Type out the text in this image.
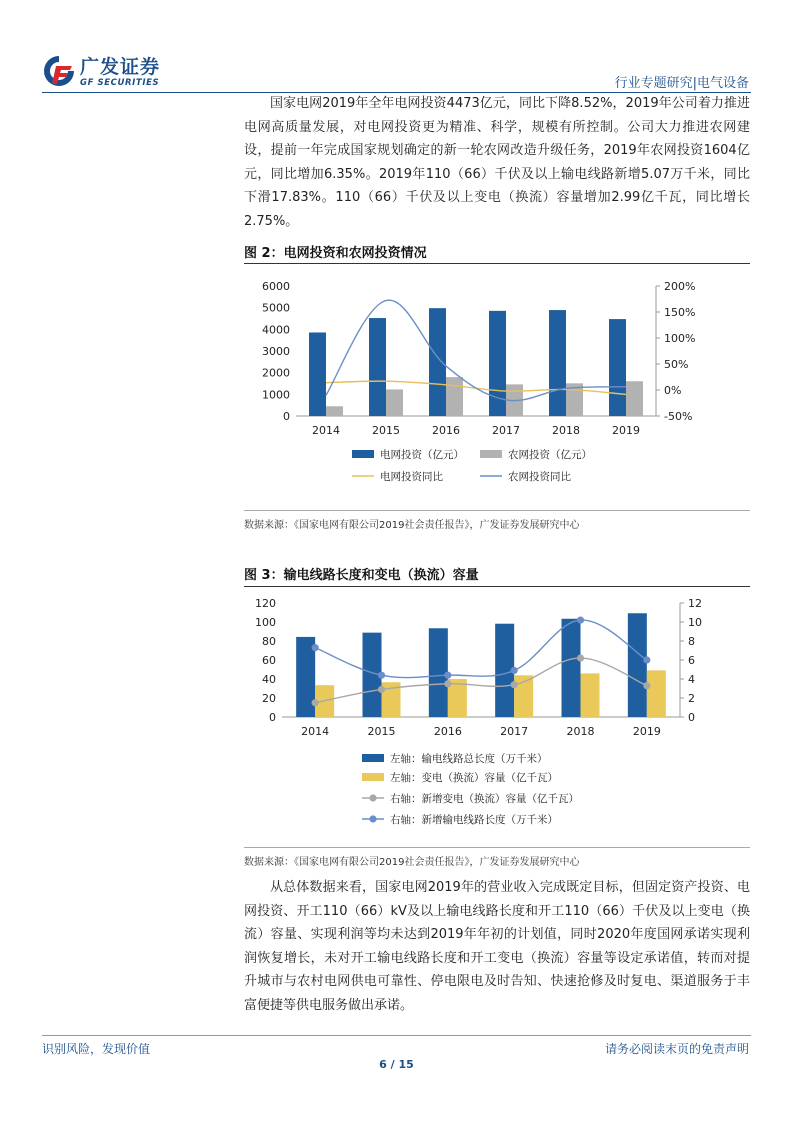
广发证券
GF SECURITIES	行业专题研究|电气设备

国家电网2019年全年电网投资4473亿元，同比下降8.52%，2019年公司着力推进电网高质量发展，对电网投资更为精准、科学，规模有所控制。公司大力推进农网建设，提前一年完成国家规划确定的新一轮农网改造升级任务，2019年农网投资1604亿元，同比增加6.35%。2019年110（66）千伏及以上输电线路新增5.07万千米，同比下滑17.83%。110（66）千伏及以上变电（换流）容量增加2.99亿千瓦，同比增长2.75%。

图 2：电网投资和农网投资情况
0
1000
2000
3000
4000
5000
6000
-50%
0%
50%
100%
150%
200%
2014	2015	2016	2017	2018	2019
电网投资（亿元）	农网投资（亿元）
电网投资同比	农网投资同比
数据来源：《国家电网有限公司2019社会责任报告》，广发证券发展研究中心
图 3：输电线路长度和变电（换流）容量
0
20
40
60
80
100
120
0
2
4
6
8
10
12
2014	2015	2016	2017	2018	2019
左轴：输电线路总长度（万千米）
左轴：变电（换流）容量（亿千瓦）
右轴：新增变电（换流）容量（亿千瓦）
右轴：新增输电线路长度（万千米）
数据来源：《国家电网有限公司2019社会责任报告》，广发证券发展研究中心

从总体数据来看，国家电网2019年的营业收入完成既定目标，但固定资产投资、电网投资、开工110（66）kV及以上输电线路长度和开工110（66）千伏及以上变电（换流）容量、实现利润等均未达到2019年年初的计划值，同时2020年度国网承诺实现利润恢复增长，未对开工输电线路长度和开工变电（换流）容量等设定承诺值，转而对提升城市与农村电网供电可靠性、停电限电及时告知、快速抢修及时复电、渠道服务于丰富便捷等供电服务做出承诺。

识别风险，发现价值	请务必阅读末页的免责声明
6 / 15
